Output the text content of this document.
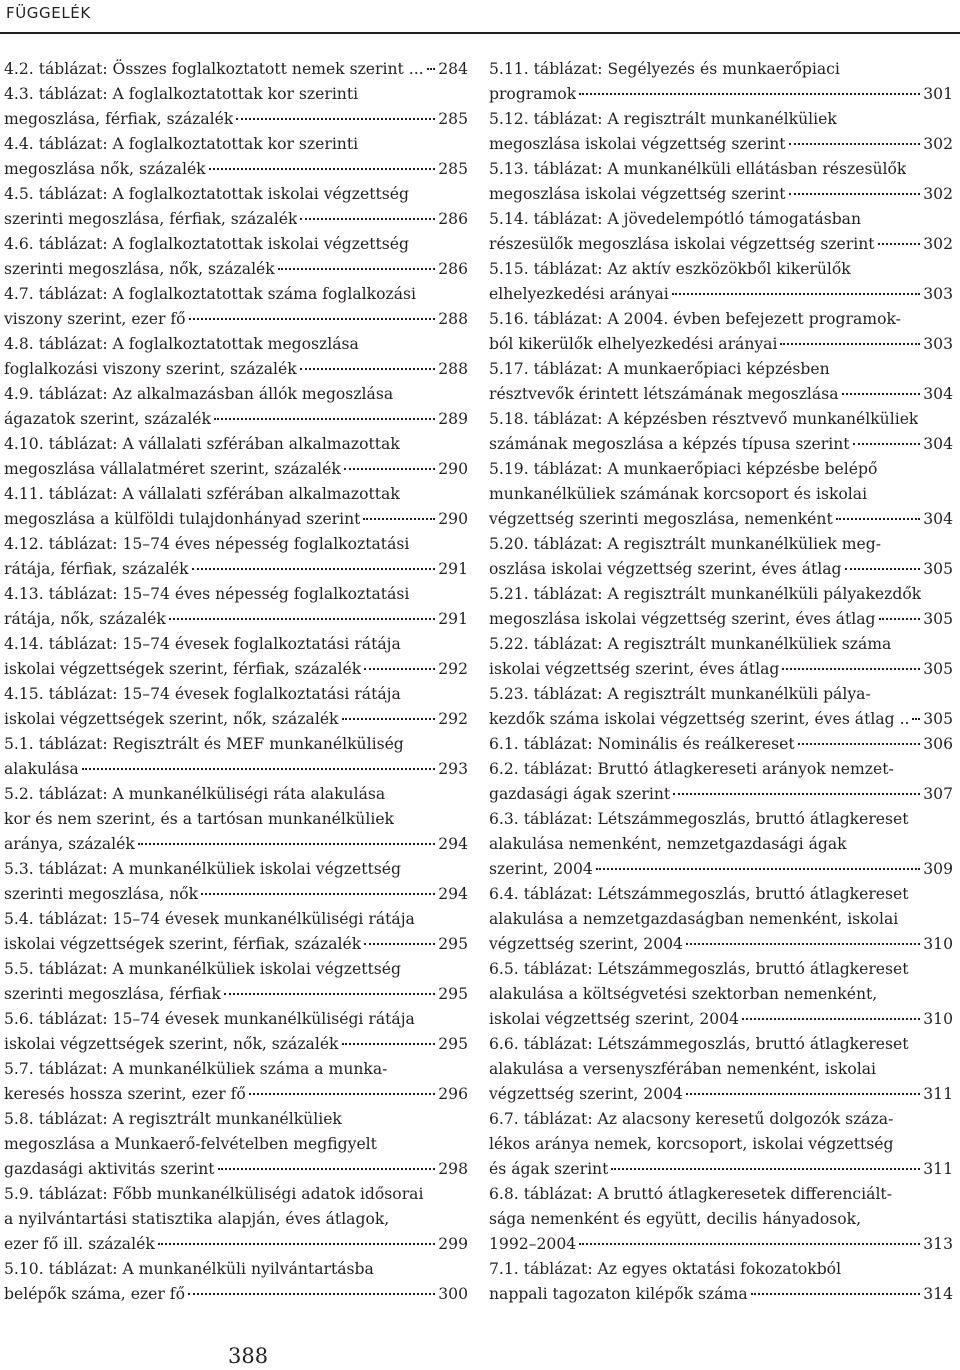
FÜGGELÉK
4.2. táblázat: Összes foglalkoztatott nemek szerint ... 284
4.3. táblázat: A foglalkoztatottak kor szerinti
megoszlása, férfiak, százalék	285
4.4. táblázat: A foglalkoztatottak kor szerinti
megoszlása nők, százalék	285
4.5. táblázat: A foglalkoztatottak iskolai végzettség
szerinti megoszlása, férfiak, százalék	286
4.6. táblázat: A foglalkoztatottak iskolai végzettség
szerinti megoszlása, nők, százalék	286
4.7. táblázat: A foglalkoztatottak száma foglalkozási
viszony szerint, ezer fő	288
4.8. táblázat: A foglalkoztatottak megoszlása
foglalkozási viszony szerint, százalék	288
4.9. táblázat: Az alkalmazásban állók megoszlása
ágazatok szerint, százalék	289
4.10. táblázat: A vállalati szférában alkalmazottak
megoszlása vállalatméret szerint, százalék	290
4.11. táblázat: A vállalati szférában alkalmazottak
megoszlása a külföldi tulajdonhányad szerint	290
4.12. táblázat: 15–74 éves népesség foglalkoztatási
rátája, férfiak, százalék	291
4.13. táblázat: 15–74 éves népesség foglalkoztatási
rátája, nők, százalék	291
4.14. táblázat: 15–74 évesek foglalkoztatási rátája
iskolai végzettségek szerint, férfiak, százalék	292
4.15. táblázat: 15–74 évesek foglalkoztatási rátája
iskolai végzettségek szerint, nők, százalék	292
5.1. táblázat: Regisztrált és MEF munkanélküliség
alakulása	293
5.2. táblázat: A munkanélküliségi ráta alakulása
kor és nem szerint, és a tartósan munkanélküliek
aránya, százalék	294
5.3. táblázat: A munkanélküliek iskolai végzettség
szerinti megoszlása, nők	294
5.4. táblázat: 15–74 évesek munkanélküliségi rátája
iskolai végzettségek szerint, férfiak, százalék	295
5.5. táblázat: A munkanélküliek iskolai végzettség
szerinti megoszlása, férfiak	295
5.6. táblázat: 15–74 évesek munkanélküliségi rátája
iskolai végzettségek szerint, nők, százalék	295
5.7. táblázat: A munkanélküliek száma a munka-
keresés hossza szerint, ezer fő	296
5.8. táblázat: A regisztrált munkanélküliek
megoszlása a Munkaerő-felvételben megfigyelt
gazdasági aktivitás szerint	298
5.9. táblázat: Főbb munkanélküliségi adatok idősorai
a nyilvántartási statisztika alapján, éves átlagok,
ezer fő ill. százalék	299
5.10. táblázat: A munkanélküli nyilvántartásba
belépők száma, ezer fő	300
5.11. táblázat: Segélyezés és munkaerőpiaci
programok	301
5.12. táblázat: A regisztrált munkanélküliek
megoszlása iskolai végzettség szerint	302
5.13. táblázat: A munkanélküli ellátásban részesülők
megoszlása iskolai végzettség szerint	302
5.14. táblázat: A jövedelempótló támogatásban
részesülők megoszlása iskolai végzettség szerint	302
5.15. táblázat: Az aktív eszközökből kikerülők
elhelyezkedési arányai	303
5.16. táblázat: A 2004. évben befejezett programok-
ból kikerülők elhelyezkedési arányai	303
5.17. táblázat: A munkaerőpiaci képzésben
résztvevők érintett létszámának megoszlása	304
5.18. táblázat: A képzésben résztvevő munkanélküliek
számának megoszlása a képzés típusa szerint	304
5.19. táblázat: A munkaerőpiaci képzésbe belépő
munkanélküliek számának korcsoport és iskolai
végzettség szerinti megoszlása, nemenként	304
5.20. táblázat: A regisztrált munkanélküliek meg-
oszlása iskolai végzettség szerint, éves átlag	305
5.21. táblázat: A regisztrált munkanélküli pályakezdők
megoszlása iskolai végzettség szerint, éves átlag	305
5.22. táblázat: A regisztrált munkanélküliek száma
iskolai végzettség szerint, éves átlag	305
5.23. táblázat: A regisztrált munkanélküli pálya-
kezdők száma iskolai végzettség szerint, éves átlag .. 305
6.1. táblázat: Nominális és reálkereset	306
6.2. táblázat: Bruttó átlagkereseti arányok nemzet-
gazdasági ágak szerint	307
6.3. táblázat: Létszámmegoszlás, bruttó átlagkereset
alakulása nemenként, nemzetgazdasági ágak
szerint, 2004	309
6.4. táblázat: Létszámmegoszlás, bruttó átlagkereset
alakulása a nemzetgazdaságban nemenként, iskolai
végzettség szerint, 2004	310
6.5. táblázat: Létszámmegoszlás, bruttó átlagkereset
alakulása a költségvetési szektorban nemenként,
iskolai végzettség szerint, 2004	310
6.6. táblázat: Létszámmegoszlás, bruttó átlagkereset
alakulása a versenyszférában nemenként, iskolai
végzettség szerint, 2004	311
6.7. táblázat: Az alacsony keresetű dolgozók száza-
lékos aránya nemek, korcsoport, iskolai végzettség
és ágak szerint	311
6.8. táblázat: A bruttó átlagkeresetek differenciált-
sága nemenként és együtt, decilis hányadosok,
1992–2004	313
7.1. táblázat: Az egyes oktatási fokozatokból
nappali tagozaton kilépők száma	314
388
